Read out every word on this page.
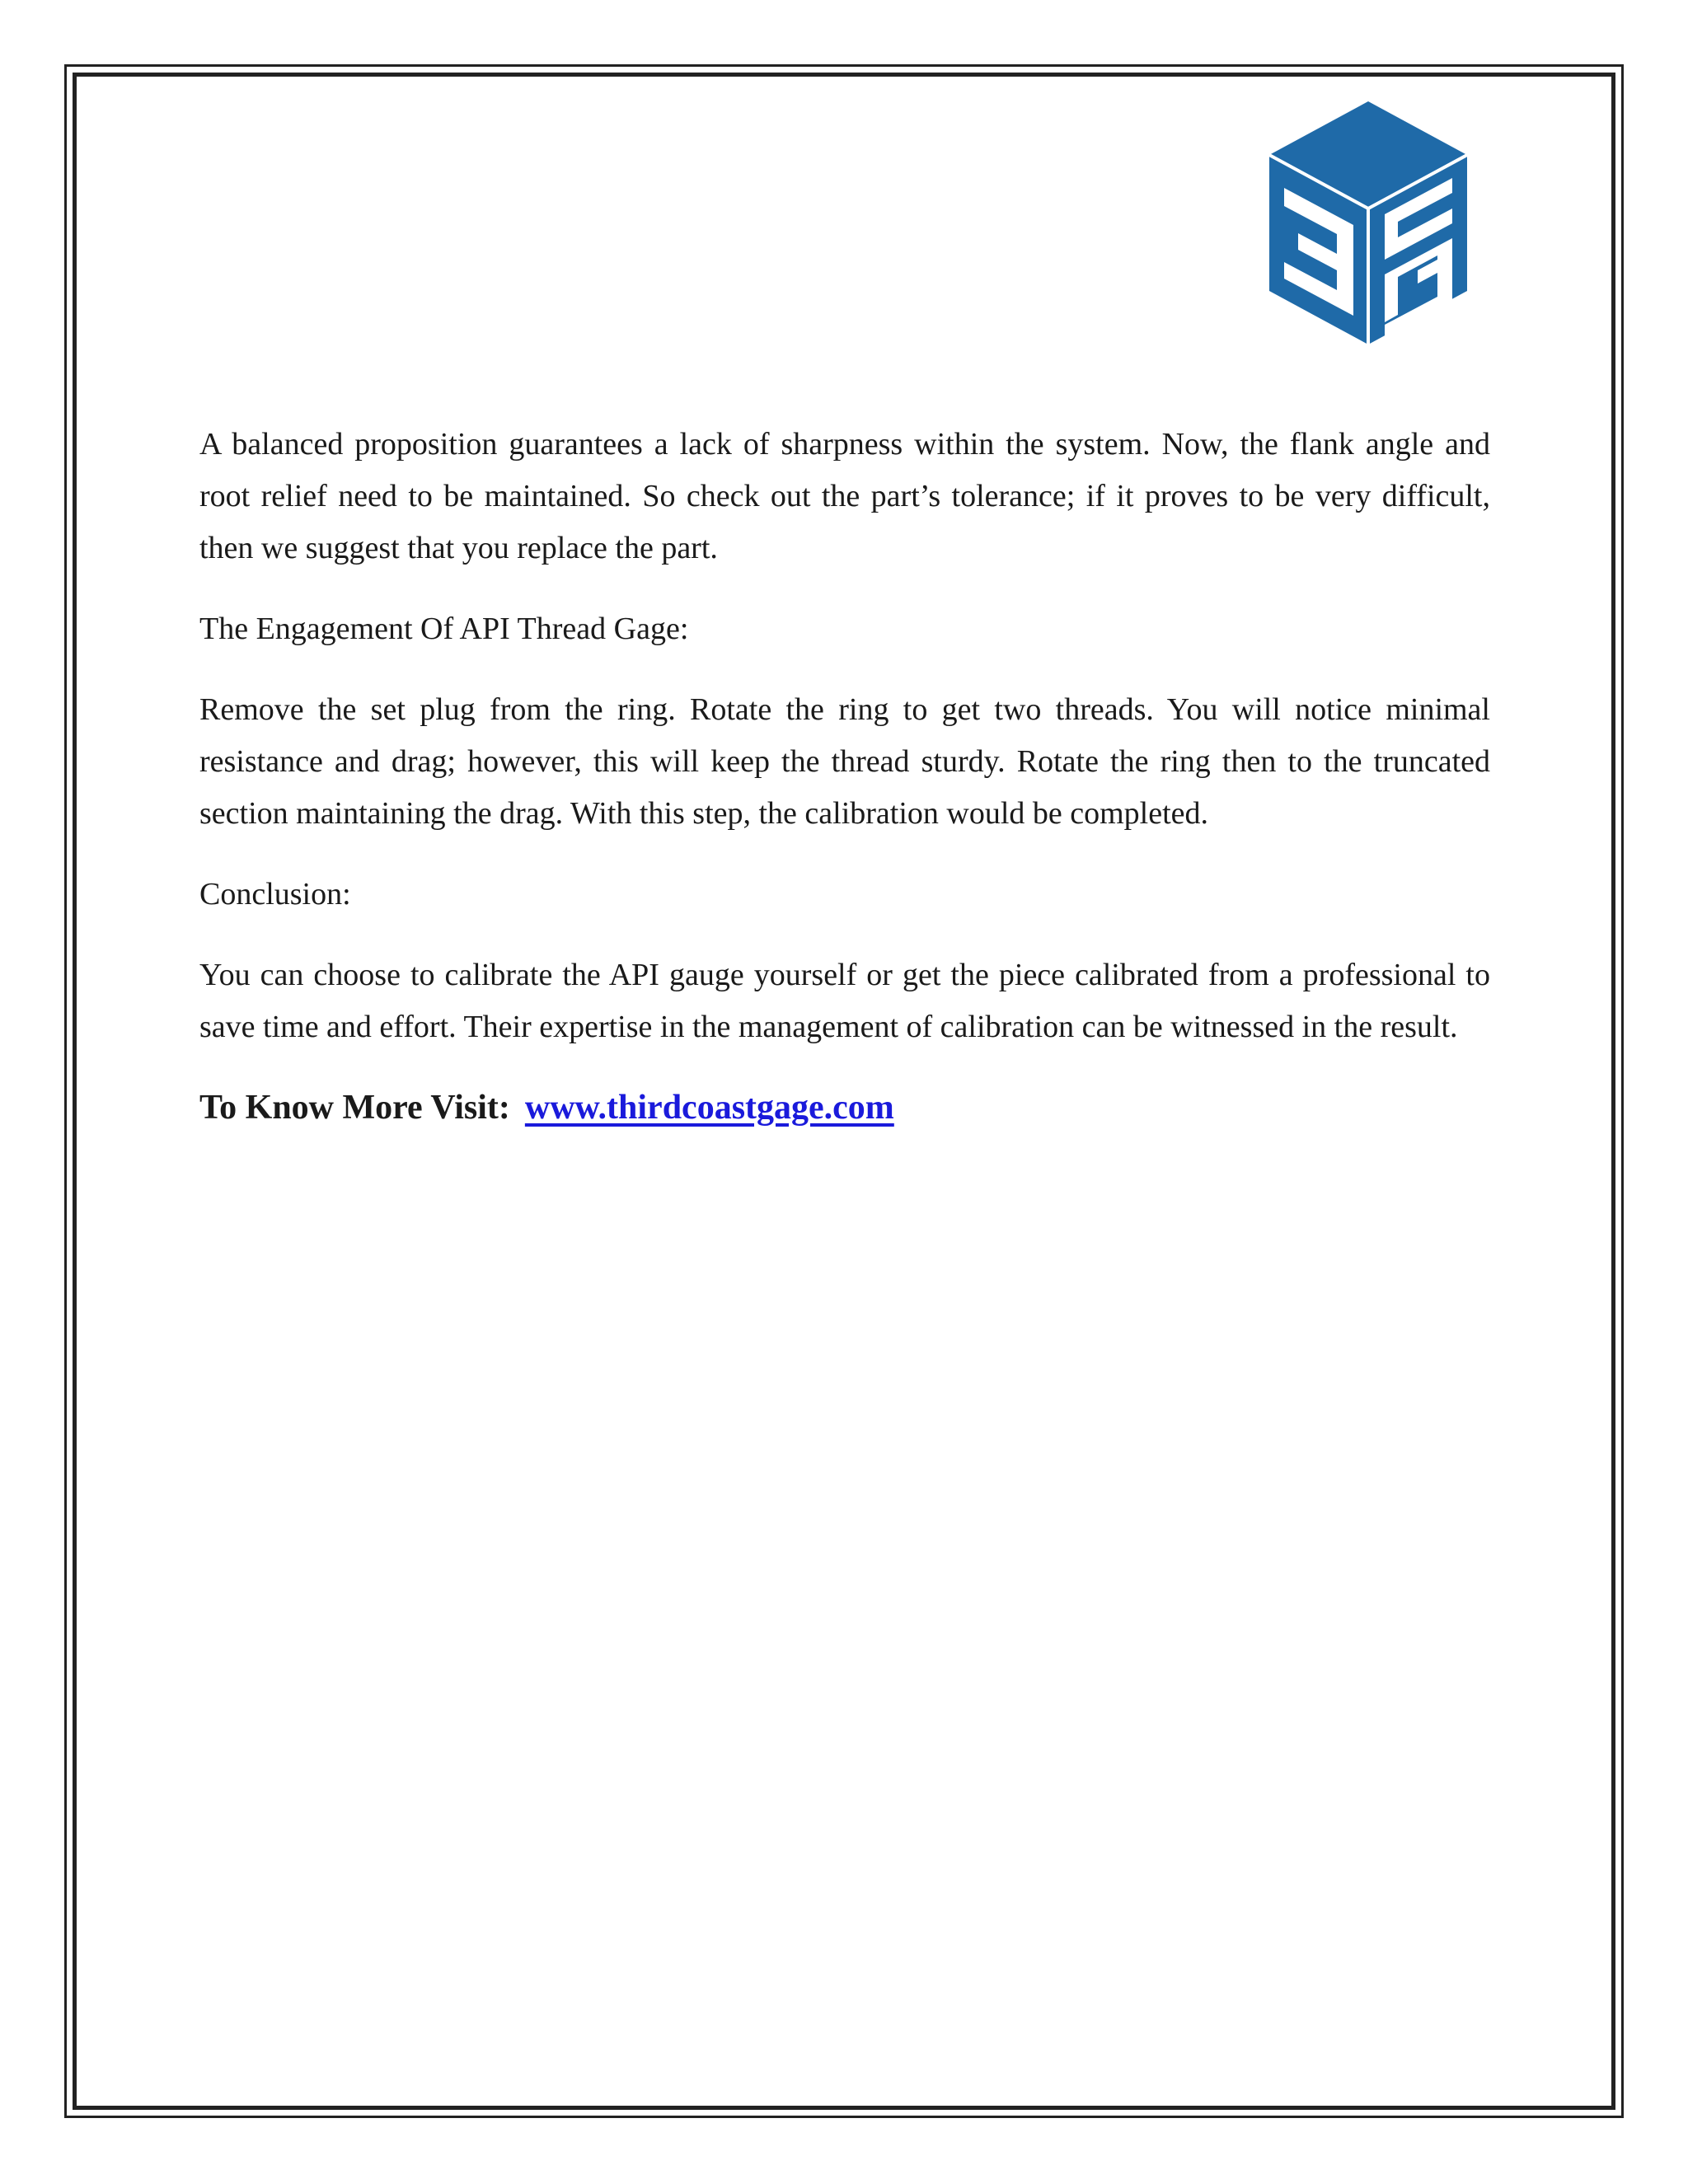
A balanced proposition guarantees a lack of sharpness within the system. Now, the flank angle and root relief need to be maintained. So check out the part’s tolerance; if it proves to be very difficult, then we suggest that you replace the part.

The Engagement Of API Thread Gage:

Remove the set plug from the ring. Rotate the ring to get two threads. You will notice minimal resistance and drag; however, this will keep the thread sturdy. Rotate the ring then to the truncated section maintaining the drag. With this step, the calibration would be completed.

Conclusion:

You can choose to calibrate the API gauge yourself or get the piece calibrated from a professional to save time and effort. Their expertise in the management of calibration can be witnessed in the result.

To Know More Visit: www.thirdcoastgage.com
